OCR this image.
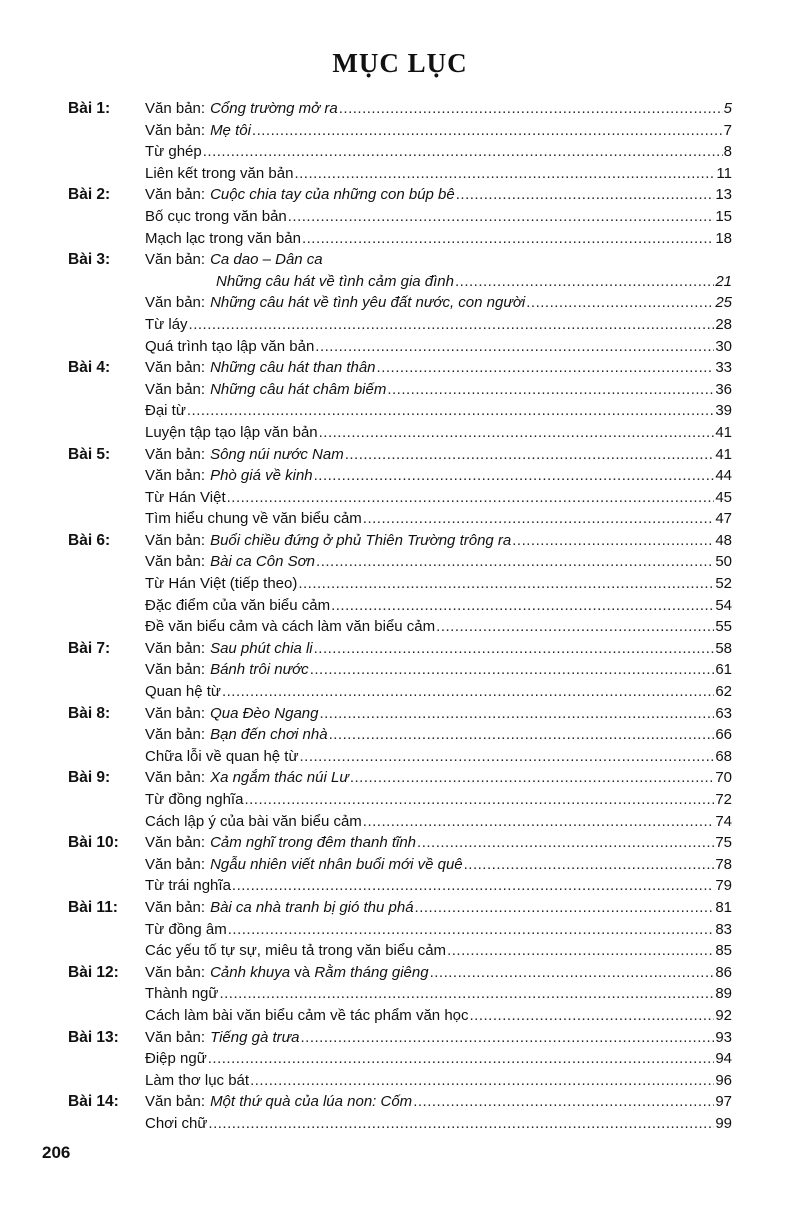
MỤC LỤC
Bài 1: Văn bản: Cổng trường mở ra .....	5
Văn bản: Mẹ tôi .....	7
Từ ghép .....	8
Liên kết trong văn bản .....	11
Bài 2: Văn bản: Cuộc chia tay của những con búp bê .....	13
Bố cục trong văn bản .....	15
Mạch lạc trong văn bản .....	18
Bài 3: Văn bản: Ca dao – Dân ca
Những câu hát về tình cảm gia đình .....	21
Văn bản: Những câu hát về tình yêu đất nước, con người .....	25
Từ láy .....	28
Quá trình tạo lập văn bản .....	30
Bài 4: Văn bản: Những câu hát than thân .....	33
Văn bản: Những câu hát châm biếm .....	36
Đại từ .....	39
Luyện tập tạo lập văn bản .....	41
Bài 5: Văn bản: Sông núi nước Nam .....	41
Văn bản: Phò giá về kinh .....	44
Từ Hán Việt .....	45
Tìm hiểu chung về văn biểu cảm .....	47
Bài 6: Văn bản: Buổi chiều đứng ở phủ Thiên Trường trông ra .....	48
Văn bản: Bài ca Côn Sơn .....	50
Từ Hán Việt (tiếp theo) .....	52
Đặc điểm của văn biểu cảm .....	54
Đề văn biểu cảm và cách làm văn biểu cảm .....	55
Bài 7: Văn bản: Sau phút chia li .....	58
Văn bản: Bánh trôi nước .....	61
Quan hệ từ .....	62
Bài 8: Văn bản: Qua Đèo Ngang .....	63
Văn bản: Bạn đến chơi nhà .....	66
Chữa lỗi về quan hệ từ .....	68
Bài 9: Văn bản: Xa ngắm thác núi Lư .....	70
Từ đồng nghĩa .....	72
Cách lập ý của bài văn biểu cảm .....	74
Bài 10: Văn bản: Cảm nghĩ trong đêm thanh tĩnh .....	75
Văn bản: Ngẫu nhiên viết nhân buổi mới về quê .....	78
Từ trái nghĩa .....	79
Bài 11: Văn bản: Bài ca nhà tranh bị gió thu phá .....	81
Từ đồng âm .....	83
Các yếu tố tự sự, miêu tả trong văn biểu cảm .....	85
Bài 12: Văn bản: Cảnh khuya và Rằm tháng giêng .....	86
Thành ngữ .....	89
Cách làm bài văn biểu cảm về tác phẩm văn học .....	92
Bài 13: Văn bản: Tiếng gà trưa .....	93
Điệp ngữ .....	94
Làm thơ lục bát .....	96
Bài 14: Văn bản: Một thứ quà của lúa non: Cốm .....	97
Chơi chữ .....	99
206
